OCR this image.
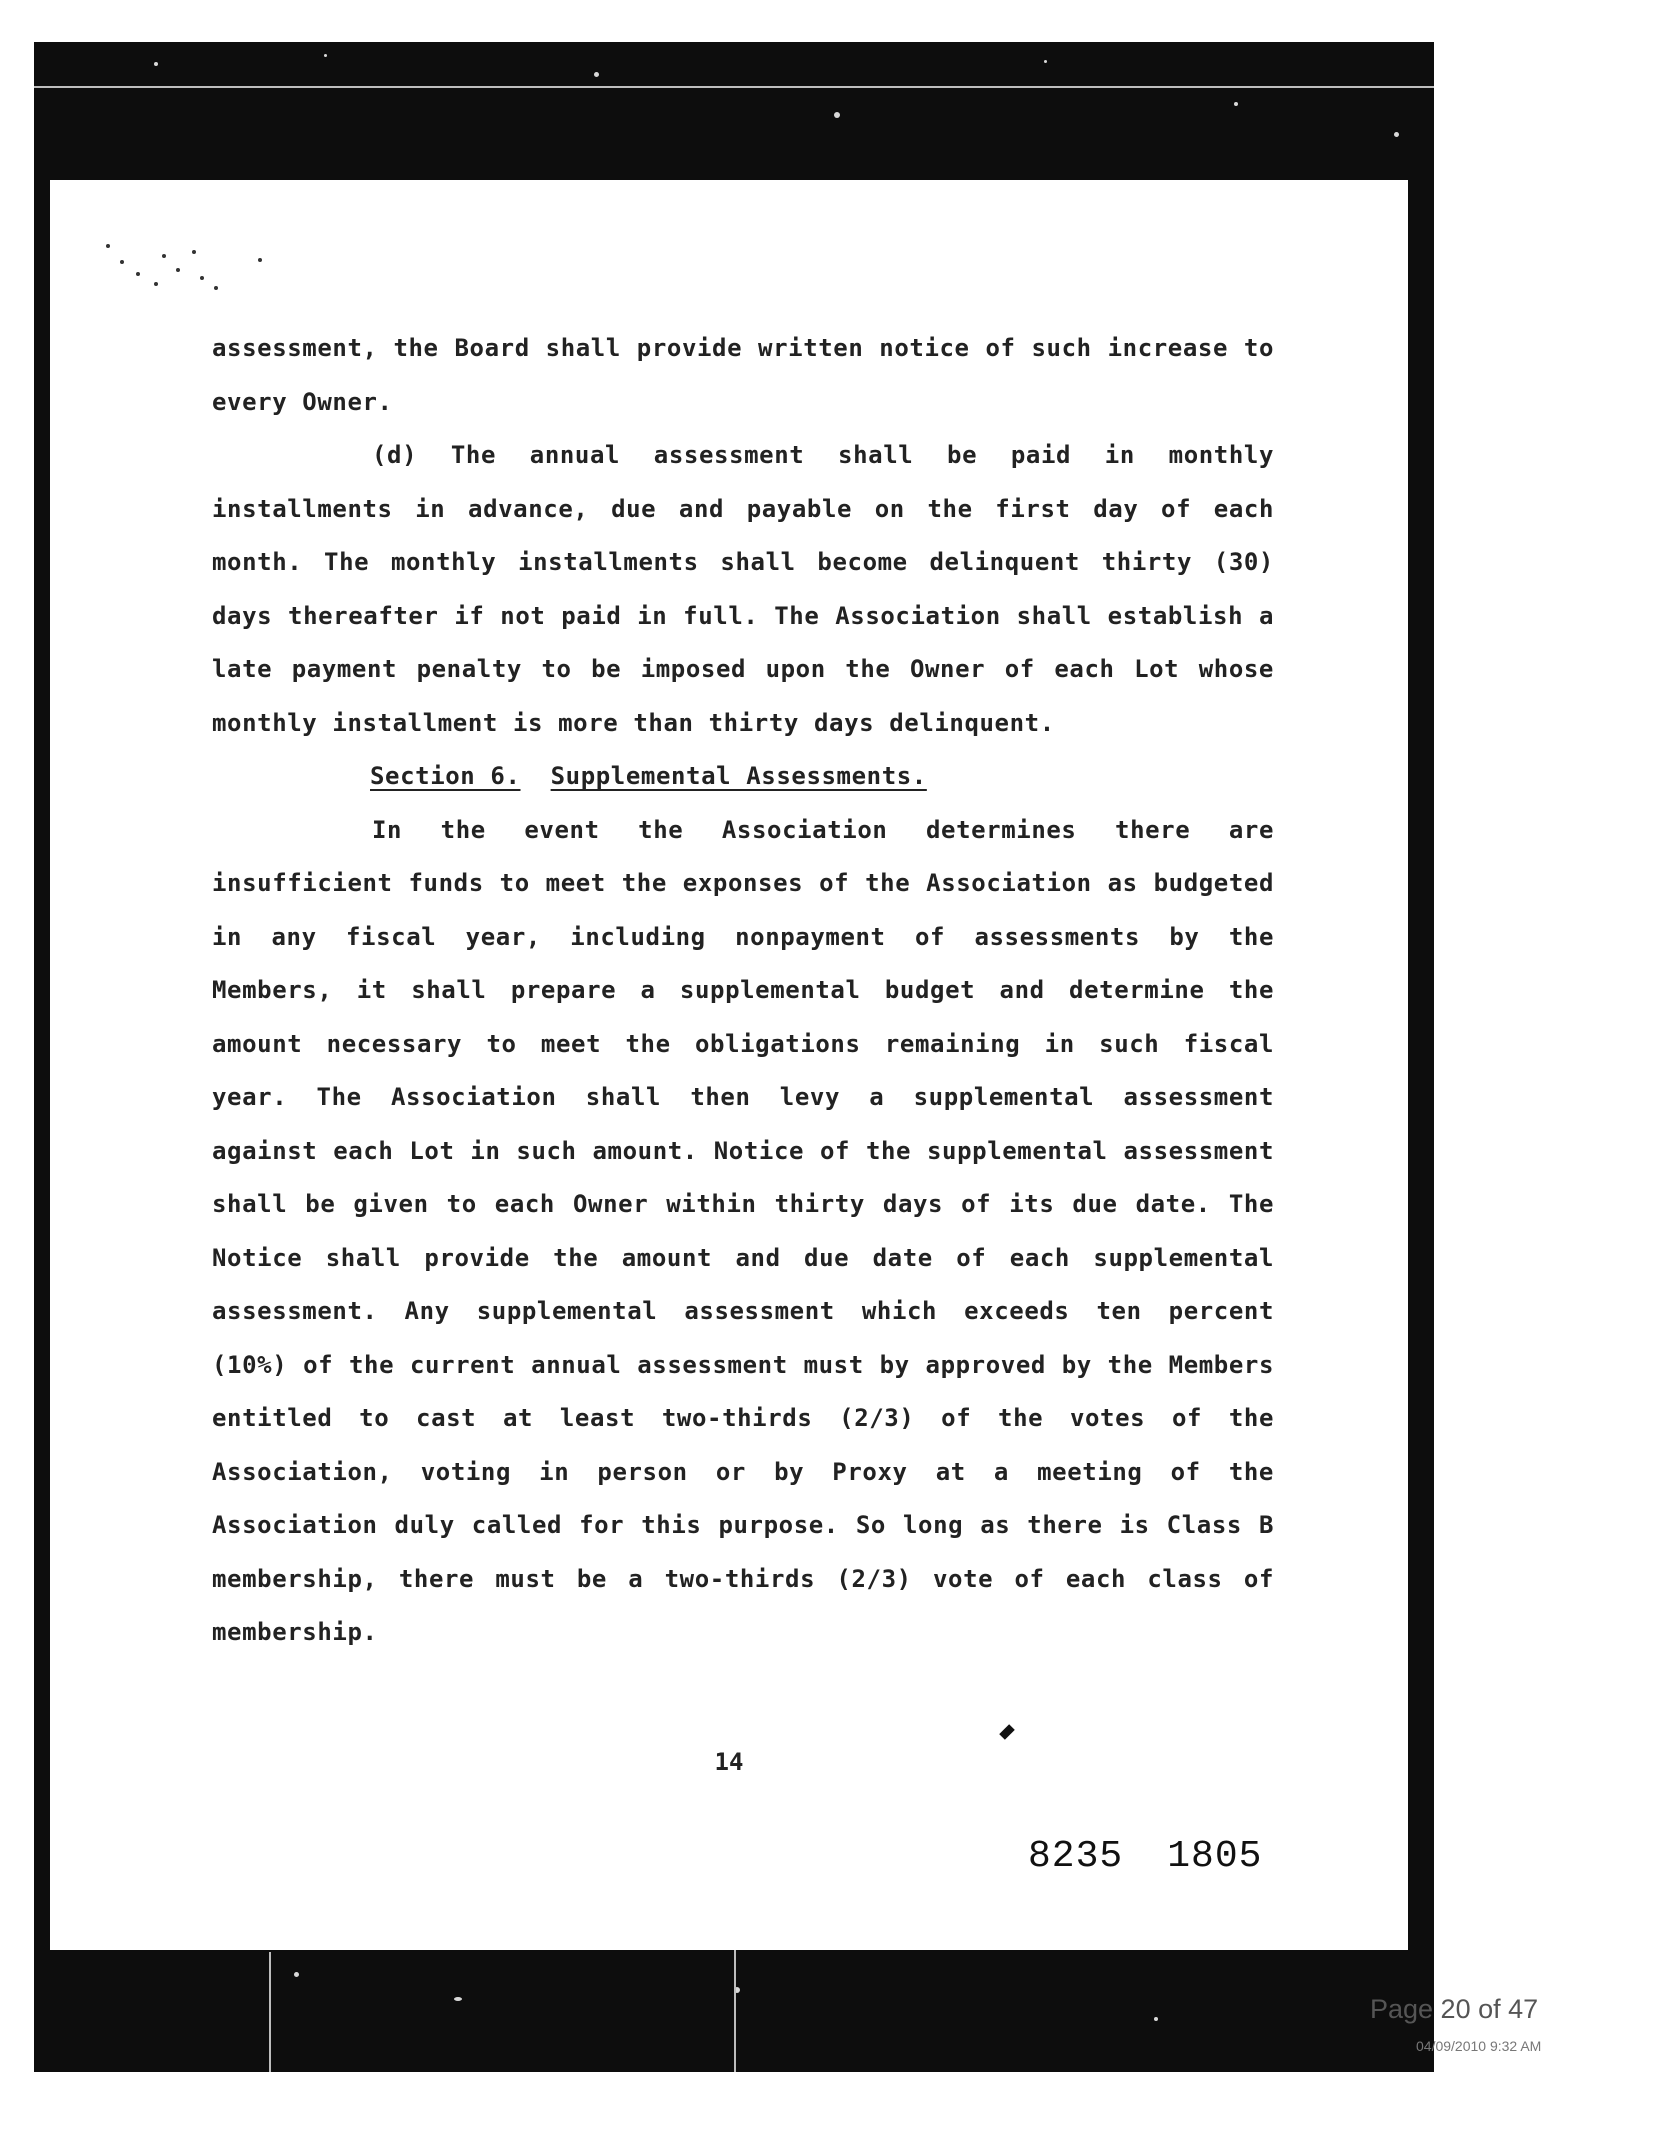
assessment, the Board shall provide written notice of such increase to every Owner.

(d) The annual assessment shall be paid in monthly installments in advance, due and payable on the first day of each month. The monthly installments shall become delinquent thirty (30) days thereafter if not paid in full. The Association shall establish a late payment penalty to be imposed upon the Owner of each Lot whose monthly installment is more than thirty days delinquent.

Section 6. Supplemental Assessments.

In the event the Association determines there are insufficient funds to meet the exponses of the Association as budgeted in any fiscal year, including nonpayment of assessments by the Members, it shall prepare a supplemental budget and determine the amount necessary to meet the obligations remaining in such fiscal year. The Association shall then levy a supplemental assessment against each Lot in such amount. Notice of the supplemental assessment shall be given to each Owner within thirty days of its due date. The Notice shall provide the amount and due date of each supplemental assessment. Any supplemental assessment which exceeds ten percent (10%) of the current annual assessment must by approved by the Members entitled to cast at least two-thirds (2/3) of the votes of the Association, voting in person or by Proxy at a meeting of the Association duly called for this purpose. So long as there is Class B membership, there must be a two-thirds (2/3) vote of each class of membership.

14
8235 1805
Page 20 of 47
04/09/2010 9:32 AM
